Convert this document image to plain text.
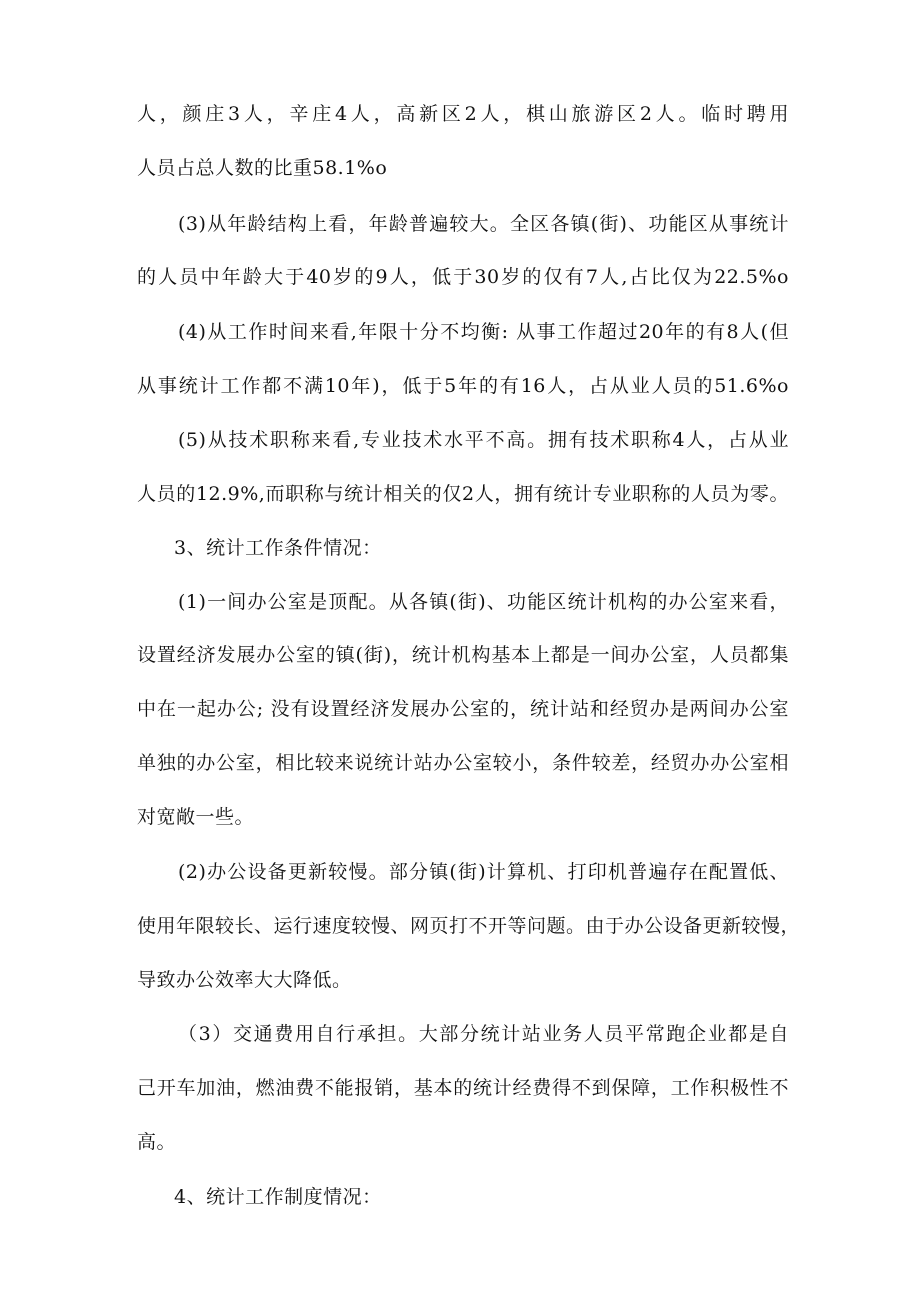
人，颜庄3人，辛庄4人，高新区2人，棋山旅游区2人。临时聘用
人员占总人数的比重58.1%o
(3)从年龄结构上看，年龄普遍较大。全区各镇(街)、功能区从事统计
的人员中年龄大于40岁的9人，低于30岁的仅有7人,占比仅为22.5%o
(4)从工作时间来看,年限十分不均衡: 从事工作超过20年的有8人(但
从事统计工作都不满10年)，低于5年的有16人，占从业人员的51.6%o
(5)从技术职称来看,专业技术水平不高。拥有技术职称4人，占从业
人员的12.9%,而职称与统计相关的仅2人，拥有统计专业职称的人员为零。
3、统计工作条件情况：
(1)一间办公室是顶配。从各镇(街)、功能区统计机构的办公室来看，
设置经济发展办公室的镇(街)，统计机构基本上都是一间办公室，人员都集
中在一起办公; 没有设置经济发展办公室的，统计站和经贸办是两间办公室
单独的办公室，相比较来说统计站办公室较小，条件较差，经贸办办公室相
对宽敞一些。
(2)办公设备更新较慢。部分镇(街)计算机、打印机普遍存在配置低、
使用年限较长、运行速度较慢、网页打不开等问题。由于办公设备更新较慢，
导致办公效率大大降低。
（3）交通费用自行承担。大部分统计站业务人员平常跑企业都是自
己开车加油，燃油费不能报销，基本的统计经费得不到保障，工作积极性不
高。
4、统计工作制度情况：
